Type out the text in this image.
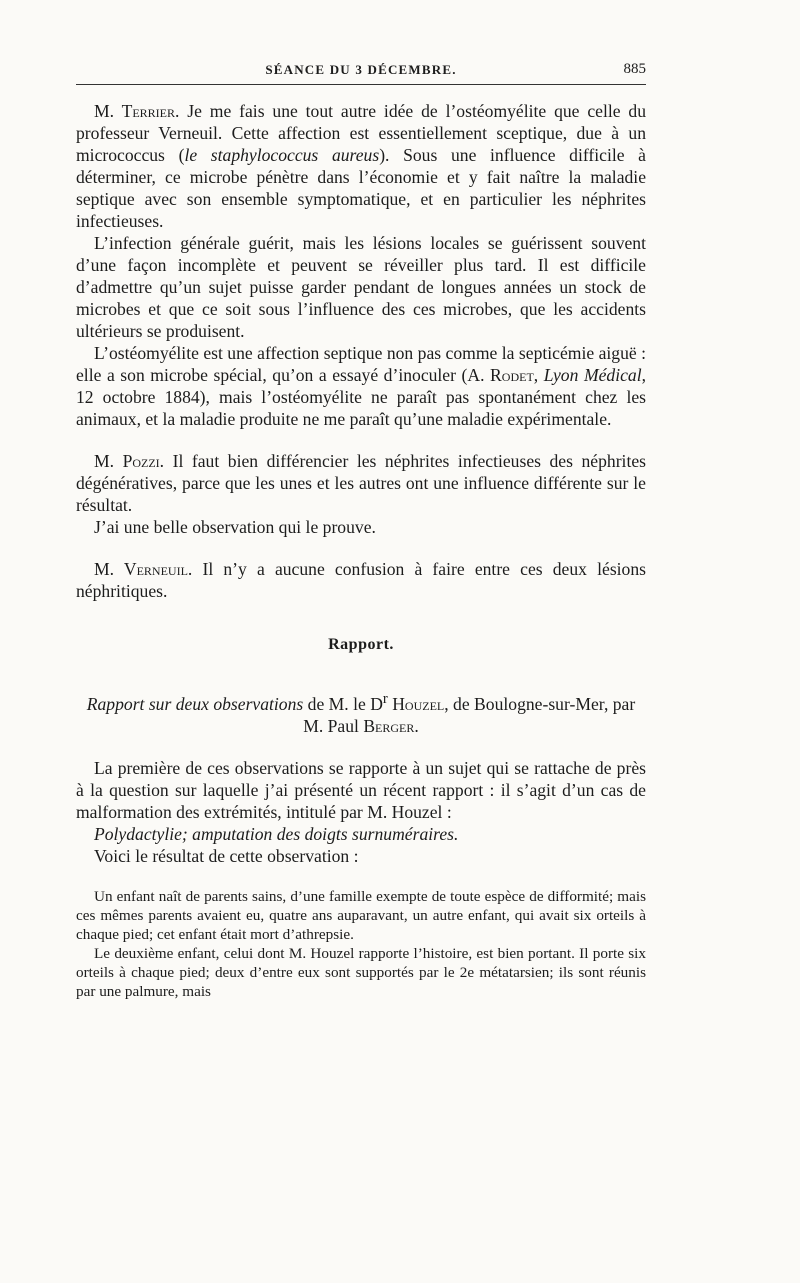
SÉANCE DU 3 DÉCEMBRE.	885

M. Terrier. Je me fais une tout autre idée de l’ostéomyélite que celle du professeur Verneuil. Cette affection est essentiellement sceptique, due à un micrococcus (le staphylococcus aureus). Sous une influence difficile à déterminer, ce microbe pénètre dans l’économie et y fait naître la maladie septique avec son ensemble symptomatique, et en particulier les néphrites infectieuses.

L’infection générale guérit, mais les lésions locales se guérissent souvent d’une façon incomplète et peuvent se réveiller plus tard. Il est difficile d’admettre qu’un sujet puisse garder pendant de longues années un stock de microbes et que ce soit sous l’influence des ces microbes, que les accidents ultérieurs se produisent.

L’ostéomyélite est une affection septique non pas comme la septicémie aiguë : elle a son microbe spécial, qu’on a essayé d’inoculer (A. Rodet, Lyon Médical, 12 octobre 1884), mais l’ostéomyélite ne paraît pas spontanément chez les animaux, et la maladie produite ne me paraît qu’une maladie expérimentale.

M. Pozzi. Il faut bien différencier les néphrites infectieuses des néphrites dégénératives, parce que les unes et les autres ont une influence différente sur le résultat.

J’ai une belle observation qui le prouve.

M. Verneuil. Il n’y a aucune confusion à faire entre ces deux lésions néphritiques.

Rapport.

Rapport sur deux observations de M. le $D^r$ Houzel, de Boulogne-sur-Mer, par M. Paul Berger.

La première de ces observations se rapporte à un sujet qui se rattache de près à la question sur laquelle j’ai présenté un récent rapport : il s’agit d’un cas de malformation des extrémités, intitulé par M. Houzel :

Polydactylie; amputation des doigts surnuméraires.

Voici le résultat de cette observation :

Un enfant naît de parents sains, d’une famille exempte de toute espèce de difformité; mais ces mêmes parents avaient eu, quatre ans auparavant, un autre enfant, qui avait six orteils à chaque pied; cet enfant était mort d’athrepsie.

Le deuxième enfant, celui dont M. Houzel rapporte l’histoire, est bien portant. Il porte six orteils à chaque pied; deux d’entre eux sont supportés par le 2e métatarsien; ils sont réunis par une palmure, mais
